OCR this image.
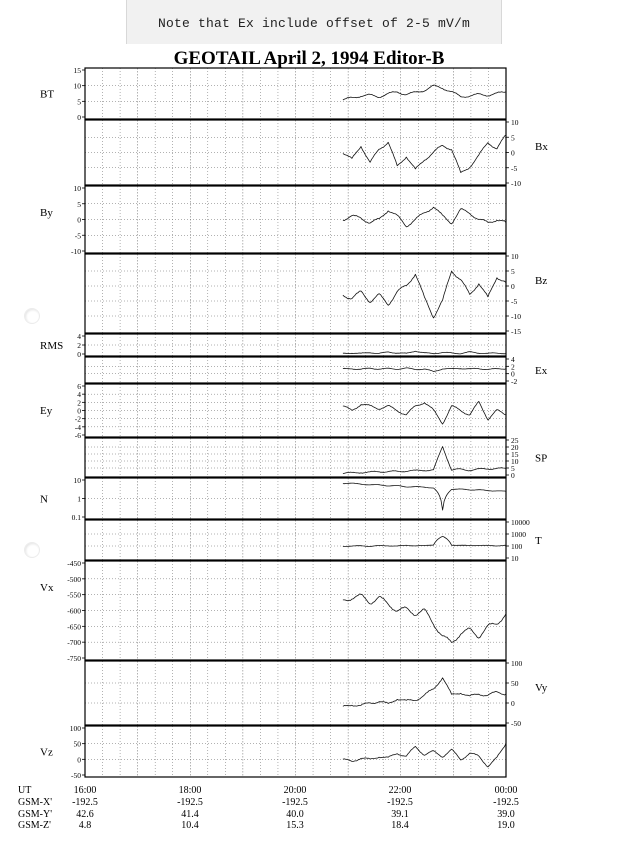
Note that Ex include offset of 2-5 mV/m
GEOTAIL April 2, 1994 Editor-B
15
10
5
0
BT
10
5
0
-5
-10
Bx
10
5
0
-5
-10
By
10
5
0
-5
-10
-15
Bz
4
2
0
RMS
4
2
0
-2
Ex
6
4
2
0
-2
-4
-6
Ey
25
20
15
10
5
0
SP
10
1
0.1
N
10000
1000
100
10
T
-450
-500
-550
-600
-650
-700
-750
Vx
100
50
0
-50
Vy
100
50
0
-50
Vz
UT
GSM-X'
GSM-Y'
GSM-Z'
16:00
-192.5
42.6
4.8
18:00
-192.5
41.4
10.4
20:00
-192.5
40.0
15.3
22:00
-192.5
39.1
18.4
00:00
-192.5
39.0
19.0
